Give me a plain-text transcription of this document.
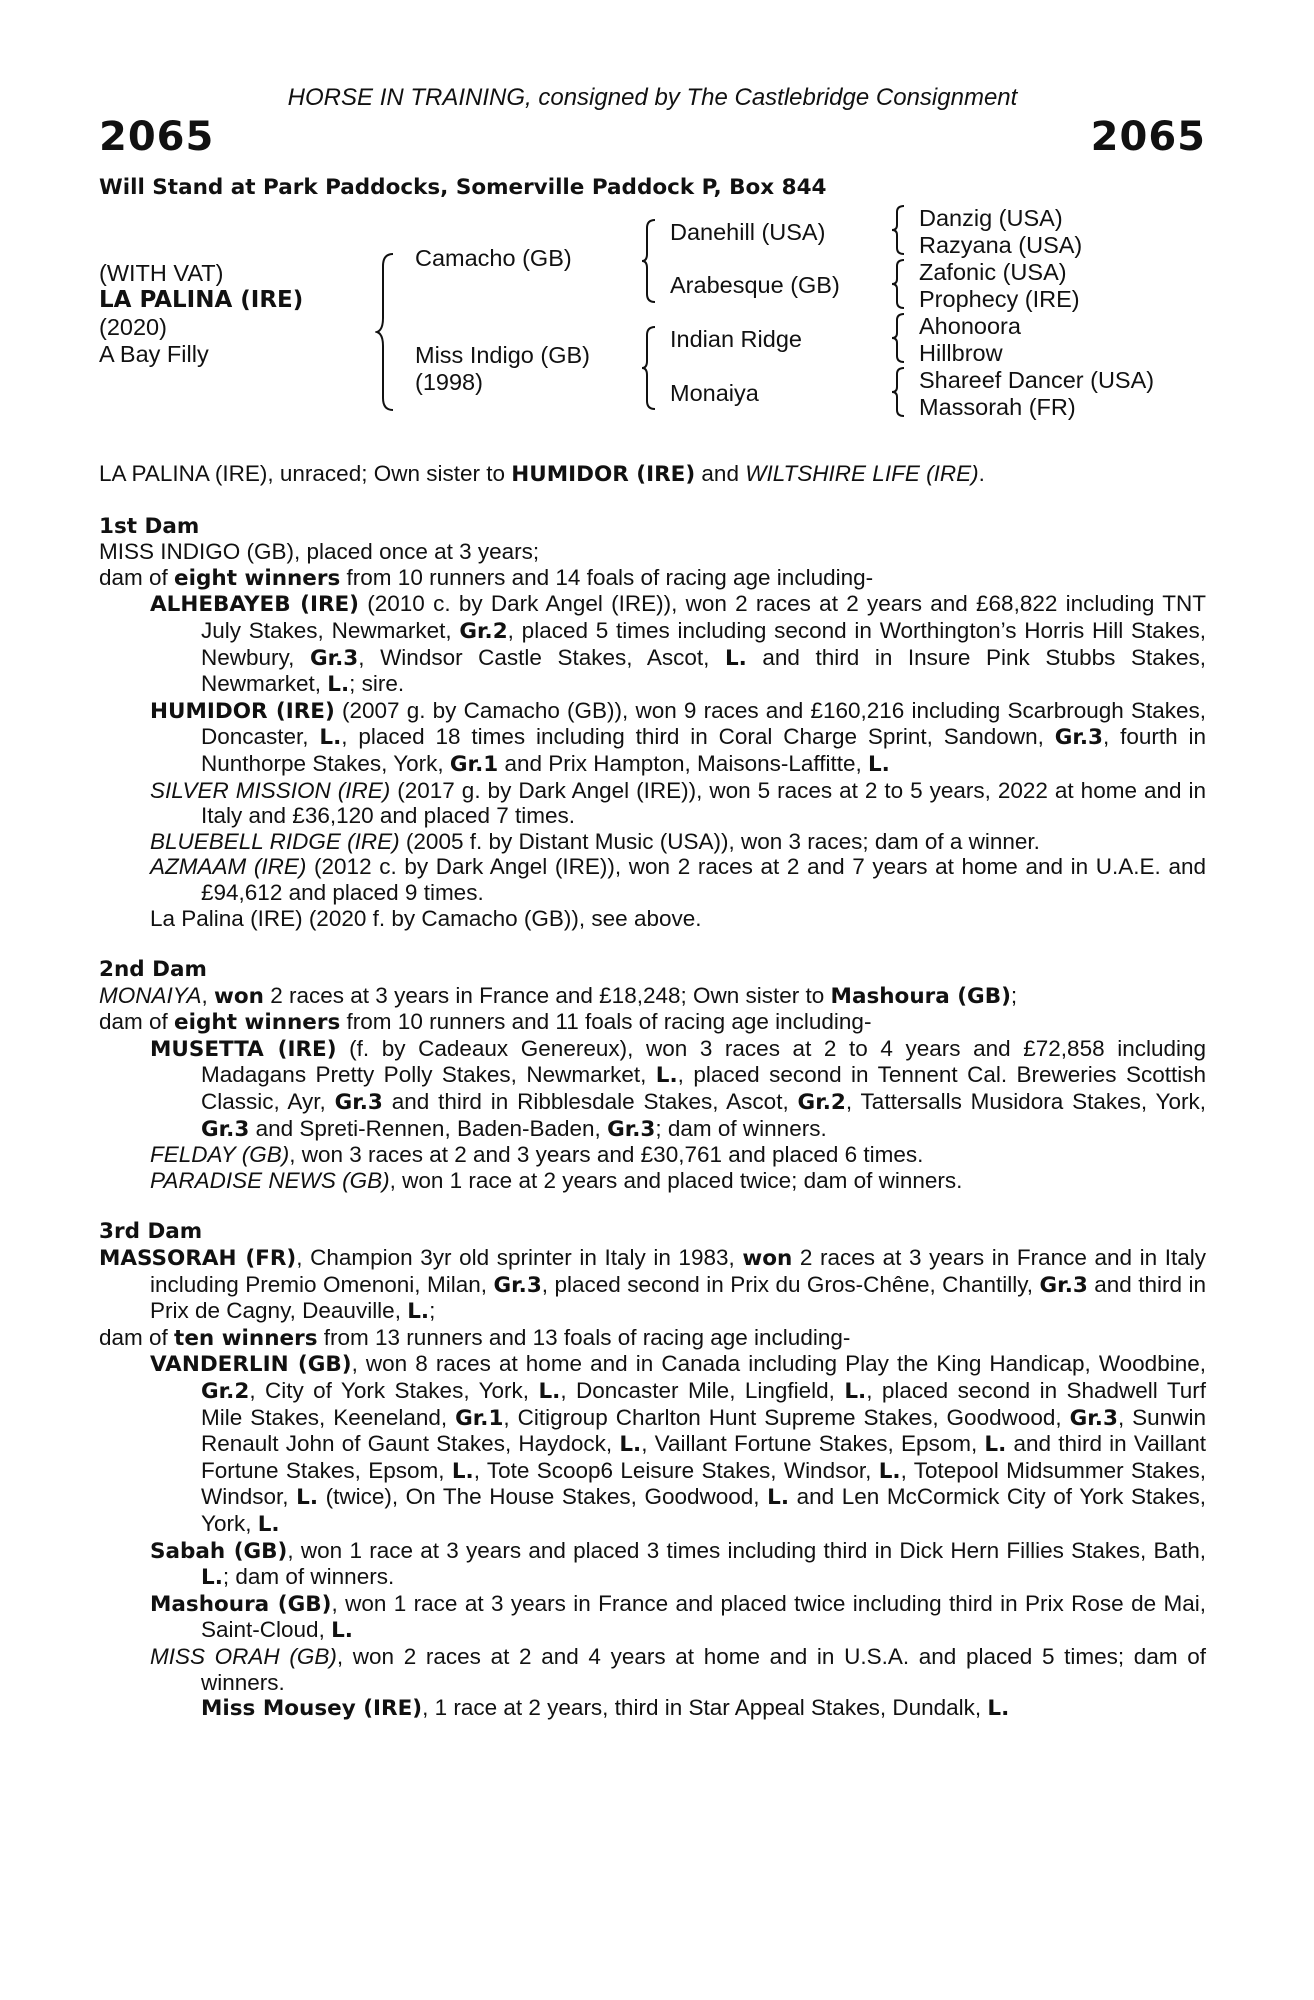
HORSE IN TRAINING, consigned by The Castlebridge Consignment
2065	2065
Will Stand at Park Paddocks, Somerville Paddock P, Box 844
(WITH VAT)
LA PALINA (IRE)
(2020)
A Bay Filly
Camacho (GB)
Miss Indigo (GB)
(1998)
Danehill (USA)
Arabesque (GB)
Indian Ridge
Monaiya
Danzig (USA)
Razyana (USA)
Zafonic (USA)
Prophecy (IRE)
Ahonoora
Hillbrow
Shareef Dancer (USA)
Massorah (FR)

LA PALINA (IRE), unraced; Own sister to HUMIDOR (IRE) and WILTSHIRE LIFE (IRE).

1st Dam

MISS INDIGO (GB), placed once at 3 years;

dam of eight winners from 10 runners and 14 foals of racing age including-

ALHEBAYEB (IRE) (2010 c. by Dark Angel (IRE)), won 2 races at 2 years and £68,822 including TNT July Stakes, Newmarket, Gr.2, placed 5 times including second in Worthington’s Horris Hill Stakes, Newbury, Gr.3, Windsor Castle Stakes, Ascot, L. and third in Insure Pink Stubbs Stakes, Newmarket, L.; sire.

HUMIDOR (IRE) (2007 g. by Camacho (GB)), won 9 races and £160,216 including Scarbrough Stakes, Doncaster, L., placed 18 times including third in Coral Charge Sprint, Sandown, Gr.3, fourth in Nunthorpe Stakes, York, Gr.1 and Prix Hampton, Maisons-Laffitte, L.

SILVER MISSION (IRE) (2017 g. by Dark Angel (IRE)), won 5 races at 2 to 5 years, 2022 at home and in Italy and £36,120 and placed 7 times.

BLUEBELL RIDGE (IRE) (2005 f. by Distant Music (USA)), won 3 races; dam of a winner.

AZMAAM (IRE) (2012 c. by Dark Angel (IRE)), won 2 races at 2 and 7 years at home and in U.A.E. and £94,612 and placed 9 times.

La Palina (IRE) (2020 f. by Camacho (GB)), see above.

2nd Dam

MONAIYA, won 2 races at 3 years in France and £18,248; Own sister to Mashoura (GB);

dam of eight winners from 10 runners and 11 foals of racing age including-

MUSETTA (IRE) (f. by Cadeaux Genereux), won 3 races at 2 to 4 years and £72,858 including Madagans Pretty Polly Stakes, Newmarket, L., placed second in Tennent Cal. Breweries Scottish Classic, Ayr, Gr.3 and third in Ribblesdale Stakes, Ascot, Gr.2, Tattersalls Musidora Stakes, York, Gr.3 and Spreti-Rennen, Baden-Baden, Gr.3; dam of winners.

FELDAY (GB), won 3 races at 2 and 3 years and £30,761 and placed 6 times.

PARADISE NEWS (GB), won 1 race at 2 years and placed twice; dam of winners.

3rd Dam

MASSORAH (FR), Champion 3yr old sprinter in Italy in 1983, won 2 races at 3 years in France and in Italy including Premio Omenoni, Milan, Gr.3, placed second in Prix du Gros-Chêne, Chantilly, Gr.3 and third in Prix de Cagny, Deauville, L.;

dam of ten winners from 13 runners and 13 foals of racing age including-

VANDERLIN (GB), won 8 races at home and in Canada including Play the King Handicap, Woodbine, Gr.2, City of York Stakes, York, L., Doncaster Mile, Lingfield, L., placed second in Shadwell Turf Mile Stakes, Keeneland, Gr.1, Citigroup Charlton Hunt Supreme Stakes, Goodwood, Gr.3, Sunwin Renault John of Gaunt Stakes, Haydock, L., Vaillant Fortune Stakes, Epsom, L. and third in Vaillant Fortune Stakes, Epsom, L., Tote Scoop6 Leisure Stakes, Windsor, L., Totepool Midsummer Stakes, Windsor, L. (twice), On The House Stakes, Goodwood, L. and Len McCormick City of York Stakes, York, L.

Sabah (GB), won 1 race at 3 years and placed 3 times including third in Dick Hern Fillies Stakes, Bath, L.; dam of winners.

Mashoura (GB), won 1 race at 3 years in France and placed twice including third in Prix Rose de Mai, Saint-Cloud, L.

MISS ORAH (GB), won 2 races at 2 and 4 years at home and in U.S.A. and placed 5 times; dam of winners.

Miss Mousey (IRE), 1 race at 2 years, third in Star Appeal Stakes, Dundalk, L.
